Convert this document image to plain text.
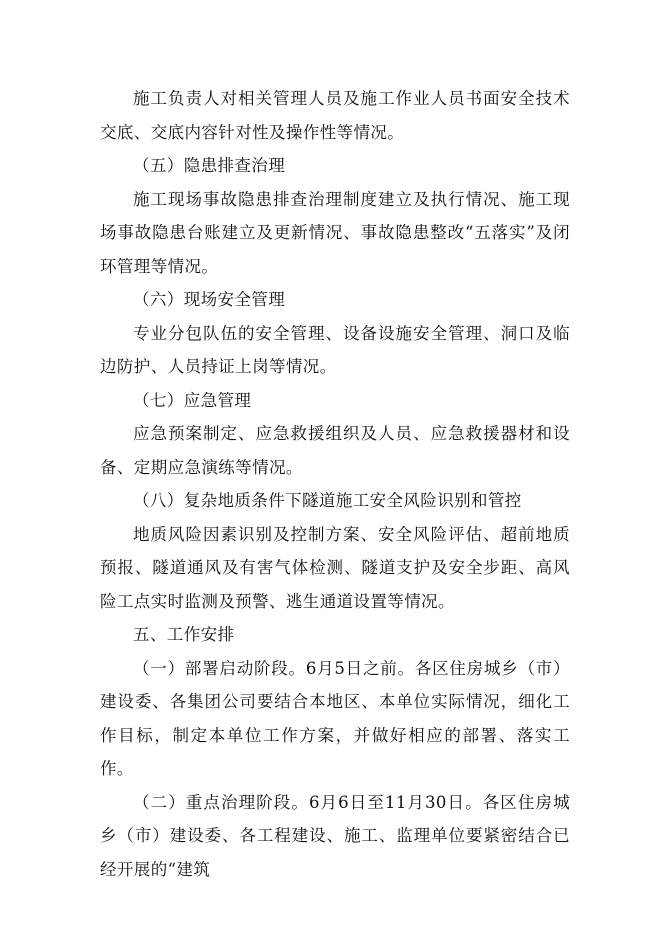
施工负责人对相关管理人员及施工作业人员书面安全技术交底、交底内容针对性及操作性等情况。

（五）隐患排查治理

施工现场事故隐患排查治理制度建立及执行情况、施工现场事故隐患台账建立及更新情况、事故隐患整改“五落实”及闭环管理等情况。

（六）现场安全管理

专业分包队伍的安全管理、设备设施安全管理、洞口及临边防护、人员持证上岗等情况。

（七）应急管理

应急预案制定、应急救援组织及人员、应急救援器材和设备、定期应急演练等情况。

（八）复杂地质条件下隧道施工安全风险识别和管控

地质风险因素识别及控制方案、安全风险评估、超前地质预报、隧道通风及有害气体检测、隧道支护及安全步距、高风险工点实时监测及预警、逃生通道设置等情况。

五、工作安排

（一）部署启动阶段。6月5日之前。各区住房城乡（市）建设委、各集团公司要结合本地区、本单位实际情况，细化工作目标，制定本单位工作方案，并做好相应的部署、落实工作。

（二）重点治理阶段。6月6日至11月30日。各区住房城乡（市）建设委、各工程建设、施工、监理单位要紧密结合已经开展的“建筑
